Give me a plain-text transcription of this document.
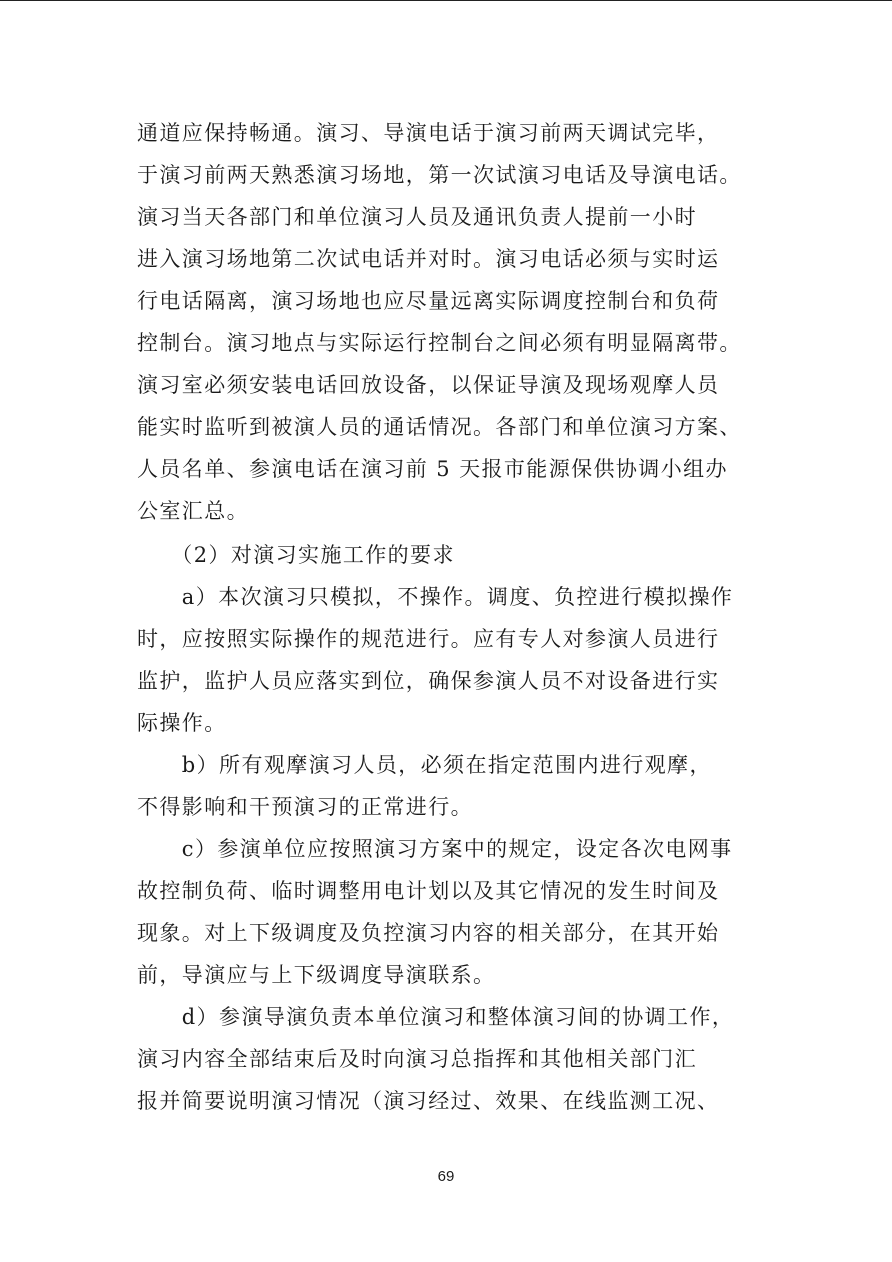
通道应保持畅通。演习、导演电话于演习前两天调试完毕，
于演习前两天熟悉演习场地，第一次试演习电话及导演电话。
演习当天各部门和单位演习人员及通讯负责人提前一小时
进入演习场地第二次试电话并对时。演习电话必须与实时运
行电话隔离，演习场地也应尽量远离实际调度控制台和负荷
控制台。演习地点与实际运行控制台之间必须有明显隔离带。
演习室必须安装电话回放设备，以保证导演及现场观摩人员
能实时监听到被演人员的通话情况。各部门和单位演习方案、
人员名单、参演电话在演习前 5 天报市能源保供协调小组办
公室汇总。
　　（2）对演习实施工作的要求
　　a）本次演习只模拟，不操作。调度、负控进行模拟操作
时，应按照实际操作的规范进行。应有专人对参演人员进行
监护，监护人员应落实到位，确保参演人员不对设备进行实
际操作。
　　b）所有观摩演习人员，必须在指定范围内进行观摩，
不得影响和干预演习的正常进行。
　　c）参演单位应按照演习方案中的规定，设定各次电网事
故控制负荷、临时调整用电计划以及其它情况的发生时间及
现象。对上下级调度及负控演习内容的相关部分，在其开始
前，导演应与上下级调度导演联系。
　　d）参演导演负责本单位演习和整体演习间的协调工作，
演习内容全部结束后及时向演习总指挥和其他相关部门汇
报并简要说明演习情况（演习经过、效果、在线监测工况、
69
